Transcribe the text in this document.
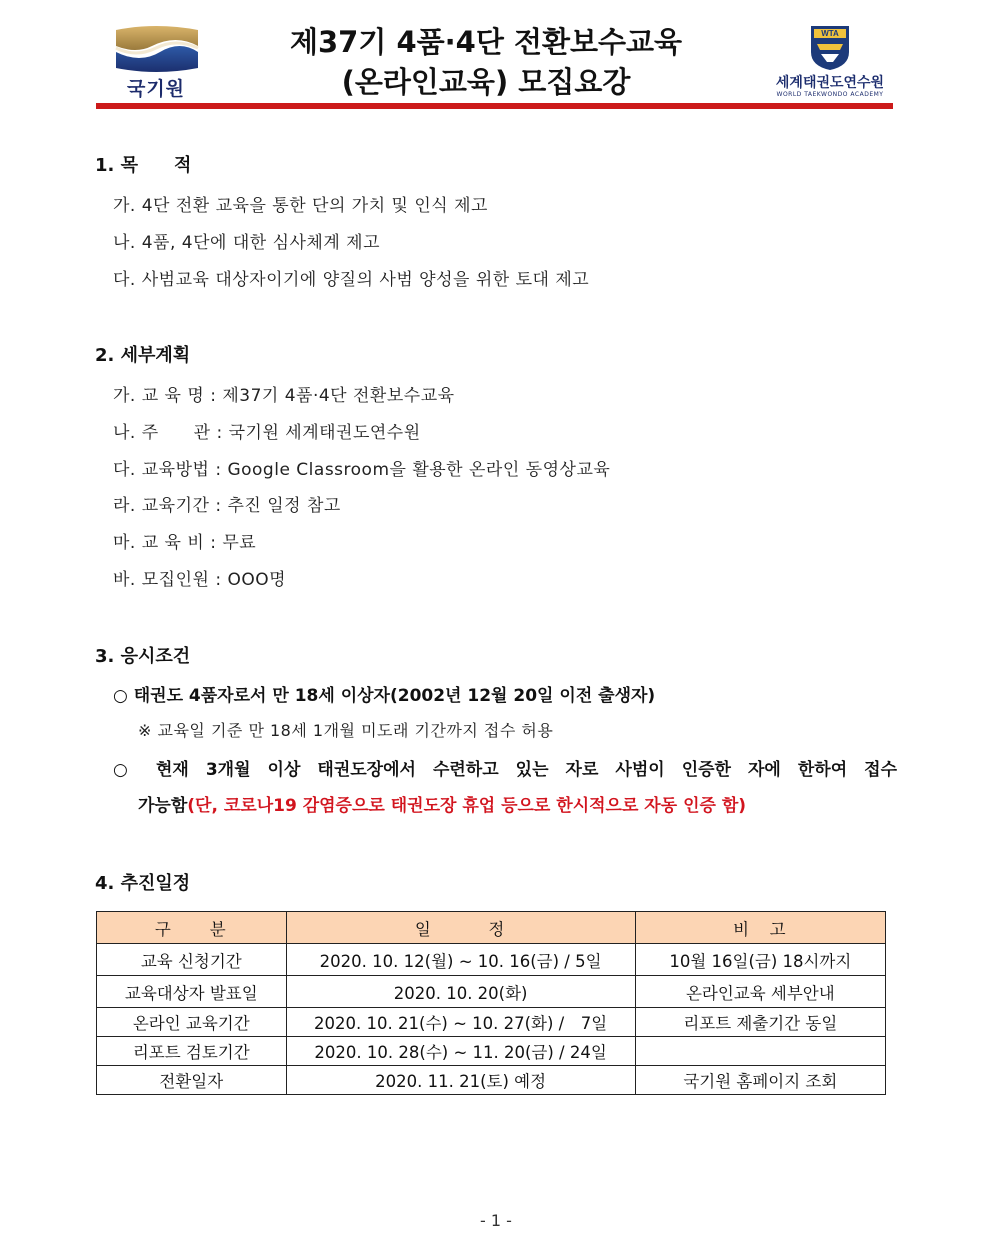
국기원
제37기 4품·4단 전환보수교육
(온라인교육) 모집요강
WTA
세계태권도연수원
WORLD TAEKWONDO ACADEMY
1. 목　　적
가. 4단 전환 교육을 통한 단의 가치 및 인식 제고
나. 4품, 4단에 대한 심사체계 제고
다. 사범교육 대상자이기에 양질의 사범 양성을 위한 토대 제고
2. 세부계획
가. 교 육 명 : 제37기 4품·4단 전환보수교육
나. 주　　관 : 국기원 세계태권도연수원
다. 교육방법 : Google Classroom을 활용한 온라인 동영상교육
라. 교육기간 : 추진 일정 참고
마. 교 육 비 : 무료
바. 모집인원 : OOO명
3. 응시조건
○ 태권도 4품자로서 만 18세 이상자(2002년 12월 20일 이전 출생자)
※ 교육일 기준 만 18세 1개월 미도래 기간까지 접수 허용
○ 현재 3개월 이상 태권도장에서 수련하고 있는 자로 사범이 인증한 자에 한하여 접수
가능함(단, 코로나19 감염증으로 태권도장 휴업 등으로 한시적으로 자동 인증 함)
4. 추진일정
구　　분	일　　　정	비　고
교육 신청기간	2020. 10. 12(월) ~ 10. 16(금) / 5일	10월 16일(금) 18시까지
교육대상자 발표일	2020. 10. 20(화)	온라인교육 세부안내
온라인 교육기간	2020. 10. 21(수) ~ 10. 27(화) /　7일	리포트 제출기간 동일
리포트 검토기간	2020. 10. 28(수) ~ 11. 20(금) / 24일	
전환일자	2020. 11. 21(토) 예정	국기원 홈페이지 조회
- 1 -
